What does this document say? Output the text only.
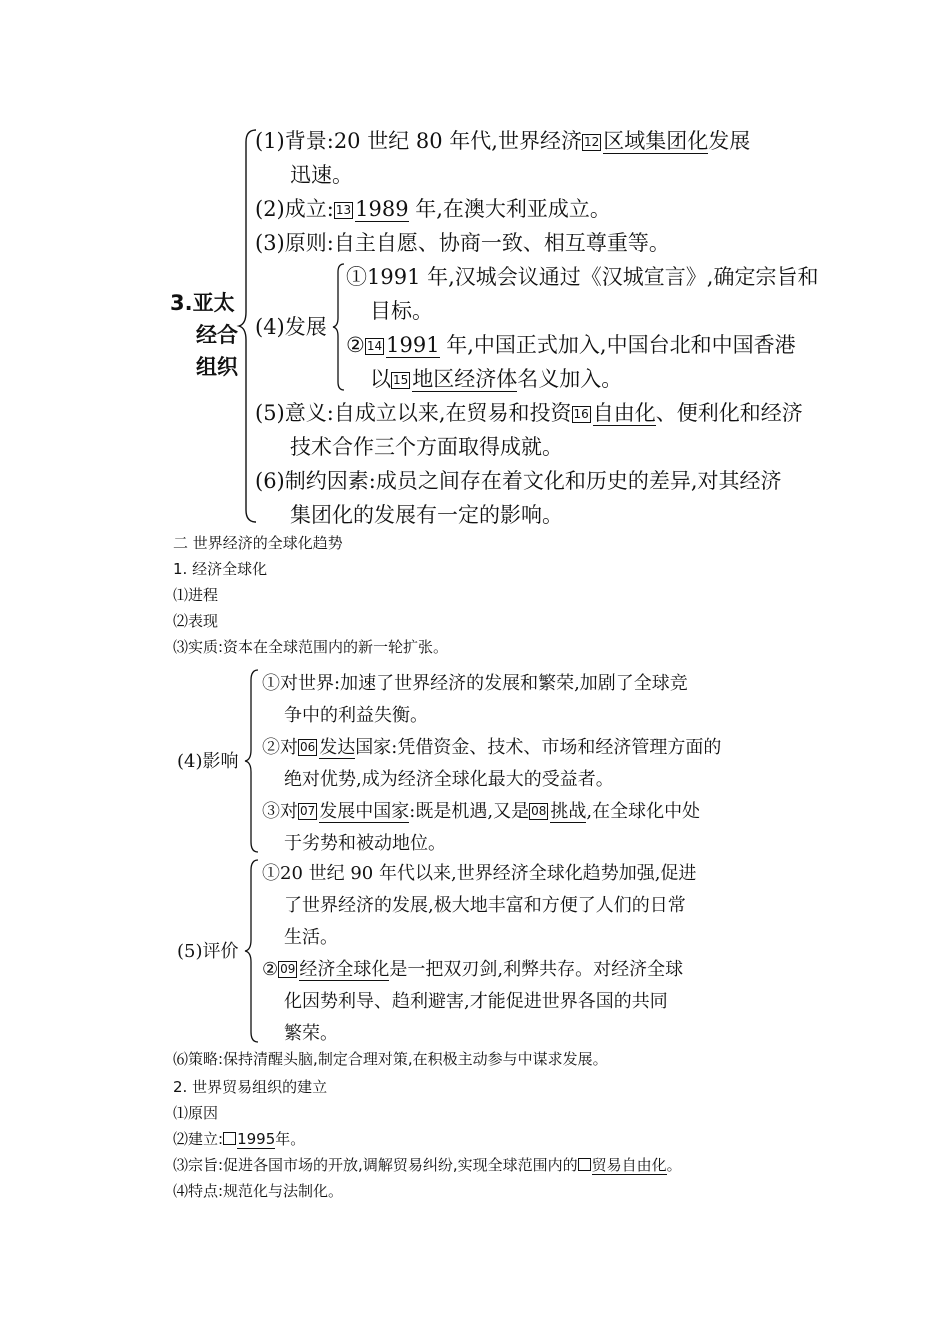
3.亚太
经合
组织
(1)背景:20 世纪 80 年代,世界经济 12 区域集团化发展
迅速。
(2)成立: 13 1989 年,在澳大利亚成立。
(3)原则:自主自愿、协商一致、相互尊重等。
(4)发展
①1991 年,汉城会议通过《汉城宣言》,确定宗旨和
目标。
② 14 1991 年,中国正式加入,中国台北和中国香港
以 15 地区经济体名义加入。
(5)意义:自成立以来,在贸易和投资 16 自由化、便利化和经济
技术合作三个方面取得成就。
(6)制约因素:成员之间存在着文化和历史的差异,对其经济
集团化的发展有一定的影响。
二 世界经济的全球化趋势
1. 经济全球化
⑴进程
⑵表现
⑶实质:资本在全球范围内的新一轮扩张。
(4)影响
①对世界:加速了世界经济的发展和繁荣,加剧了全球竞
争中的利益失衡。
②对 06 发达国家:凭借资金、技术、市场和经济管理方面的
绝对优势,成为经济全球化最大的受益者。
③对 07 发展中国家:既是机遇,又是 08 挑战,在全球化中处
于劣势和被动地位。
(5)评价
①20 世纪 90 年代以来,世界经济全球化趋势加强,促进
了世界经济的发展,极大地丰富和方便了人们的日常
生活。
② 09 经济全球化是一把双刃剑,利弊共存。对经济全球
化因势利导、趋利避害,才能促进世界各国的共同
繁荣。
⑹策略:保持清醒头脑,制定合理对策,在积极主动参与中谋求发展。
2. 世界贸易组织的建立
⑴原因
⑵建立: 1995年。
⑶宗旨:促进各国市场的开放,调解贸易纠纷,实现全球范围内的 贸易自由化。
⑷特点:规范化与法制化。
